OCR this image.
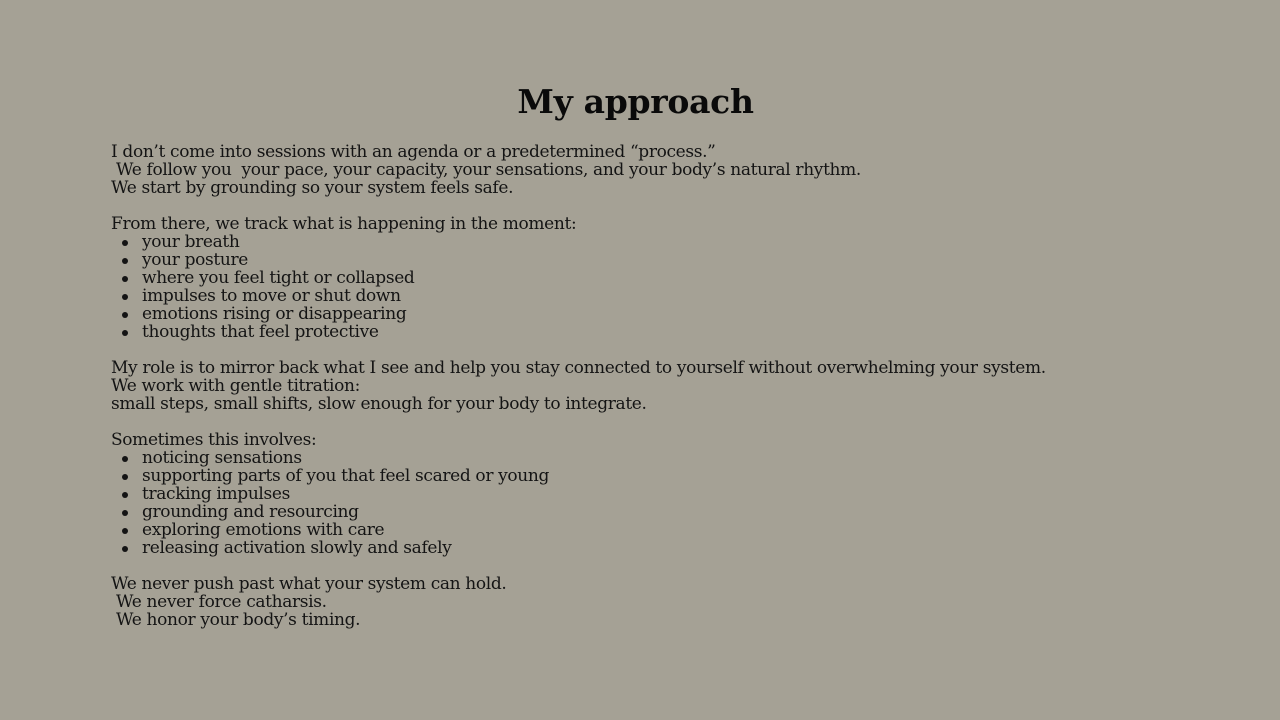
My approach
I don’t come into sessions with an agenda or a predetermined “process.”
We follow you  your pace, your capacity, your sensations, and your body’s natural rhythm.
We start by grounding so your system feels safe.
From there, we track what is happening in the moment:
your breath
your posture
where you feel tight or collapsed
impulses to move or shut down
emotions rising or disappearing
thoughts that feel protective
My role is to mirror back what I see and help you stay connected to yourself without overwhelming your system.
We work with gentle titration:
small steps, small shifts, slow enough for your body to integrate.
Sometimes this involves:
noticing sensations
supporting parts of you that feel scared or young
tracking impulses
grounding and resourcing
exploring emotions with care
releasing activation slowly and safely
We never push past what your system can hold.
We never force catharsis.
We honor your body’s timing.
